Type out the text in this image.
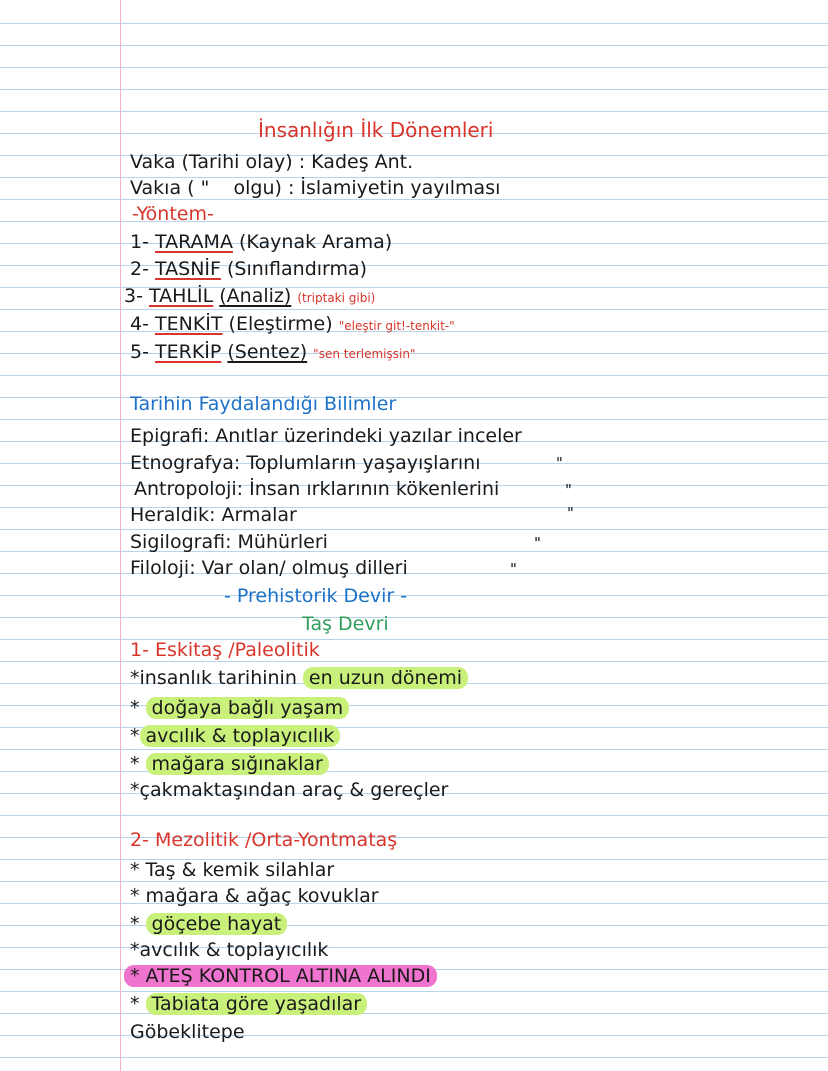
İnsanlığın İlk Dönemleri
Vaka (Tarihi olay) : Kadeş Ant.
Vakıa ( " olgu) : İslamiyetin yayılması
-Yöntem-
1- TARAMA (Kaynak Arama)
2- TASNİF (Sınıflandırma)
3- TAHLİL (Analiz) (triptaki gibi)
4- TENKİT (Eleştirme) "eleştir git!-tenkit-"
5- TERKİP (Sentez) "sen terlemişsin"
Tarihin Faydalandığı Bilimler
Epigrafi: Anıtlar üzerindeki yazılar inceler
Etnografya: Toplumların yaşayışlarını	"
Antropoloji: İnsan ırklarının kökenlerini	"
Heraldik: Armalar	"
Sigilografi: Mühürleri	"
Filoloji: Var olan/ olmuş dilleri	"
- Prehistorik Devir -
Taş Devri
1- Eskitaş /Paleolitik
*insanlık tarihinin en uzun dönemi
* doğaya bağlı yaşam
* avcılık & toplayıcılık
* mağara sığınaklar
*çakmaktaşından araç & gereçler
2- Mezolitik /Orta-Yontmataş
* Taş & kemik silahlar
* mağara & ağaç kovuklar
* göçebe hayat
*avcılık & toplayıcılık
* ATEŞ KONTROL ALTINA ALINDI
* Tabiata göre yaşadılar
Göbeklitepe
